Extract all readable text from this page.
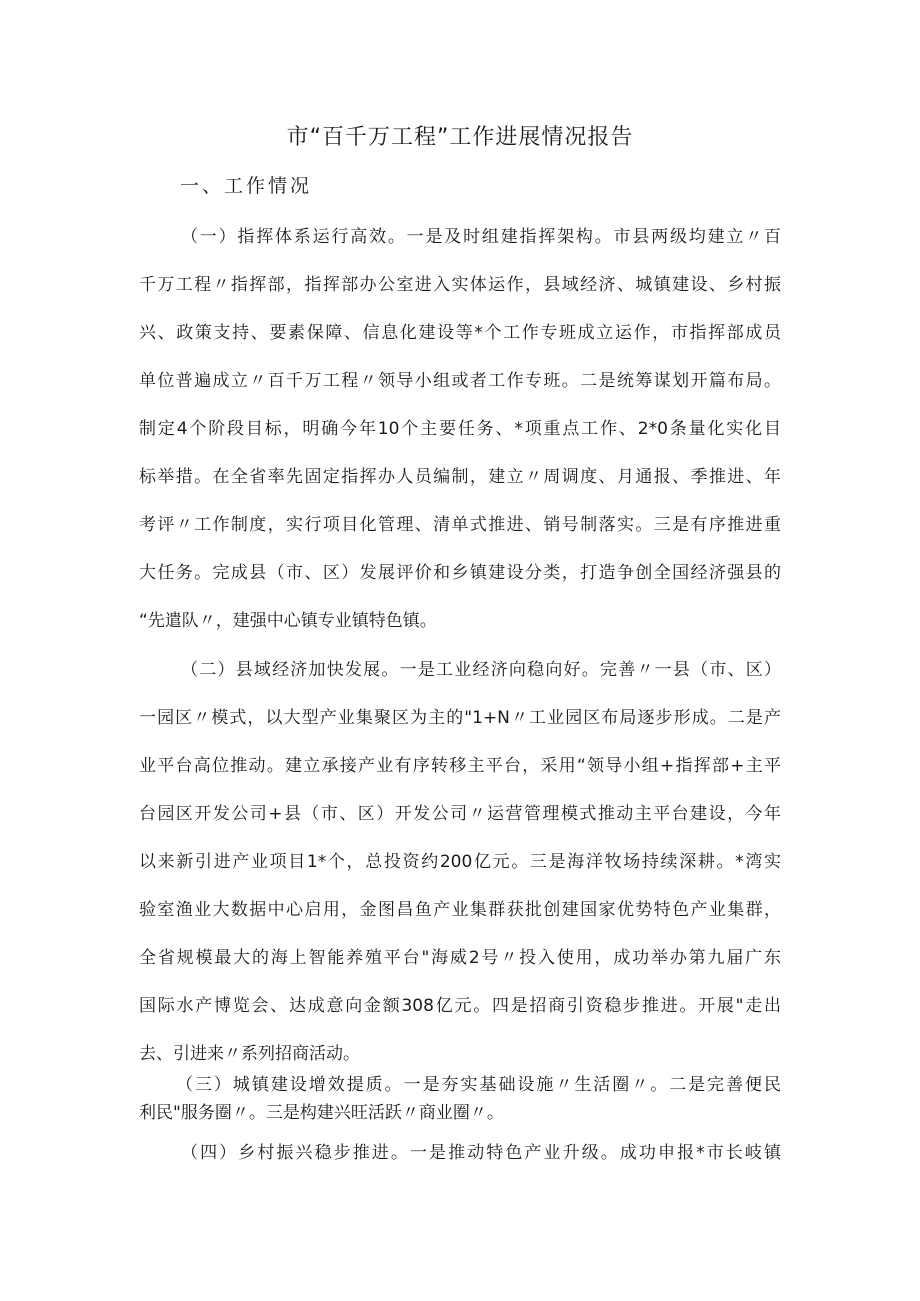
市“百千万工程”工作进展情况报告
一、工作情况

（一）指挥体系运行高效。一是及时组建指挥架构。市县两级均建立〃百

千万工程〃指挥部，指挥部办公室进入实体运作，县域经济、城镇建设、乡村振

兴、政策支持、要素保障、信息化建设等*个工作专班成立运作，市指挥部成员

单位普遍成立〃百千万工程〃领导小组或者工作专班。二是统筹谋划开篇布局。

制定4个阶段目标，明确今年10个主要任务、*项重点工作、2*0条量化实化目

标举措。在全省率先固定指挥办人员编制，建立〃周调度、月通报、季推进、年

考评〃工作制度，实行项目化管理、清单式推进、销号制落实。三是有序推进重

大任务。完成县（市、区）发展评价和乡镇建设分类，打造争创全国经济强县的

“先遣队〃，建强中心镇专业镇特色镇。

（二）县域经济加快发展。一是工业经济向稳向好。完善〃一县（市、区）

一园区〃模式，以大型产业集聚区为主的"1+N〃工业园区布局逐步形成。二是产

业平台高位推动。建立承接产业有序转移主平台，采用“领导小组+指挥部+主平

台园区开发公司+县（市、区）开发公司〃运营管理模式推动主平台建设，今年

以来新引进产业项目1*个，总投资约200亿元。三是海洋牧场持续深耕。*湾实

验室渔业大数据中心启用，金图昌鱼产业集群获批创建国家优势特色产业集群，

全省规模最大的海上智能养殖平台"海威2号〃投入使用，成功举办第九届广东

国际水产博览会、达成意向金额308亿元。四是招商引资稳步推进。开展"走出

去、引进来〃系列招商活动。

（三）城镇建设增效提质。一是夯实基础设施〃生活圈〃。二是完善便民

利民"服务圈〃。三是构建兴旺活跃〃商业圈〃。

（四）乡村振兴稳步推进。一是推动特色产业升级。成功申报*市长岐镇
